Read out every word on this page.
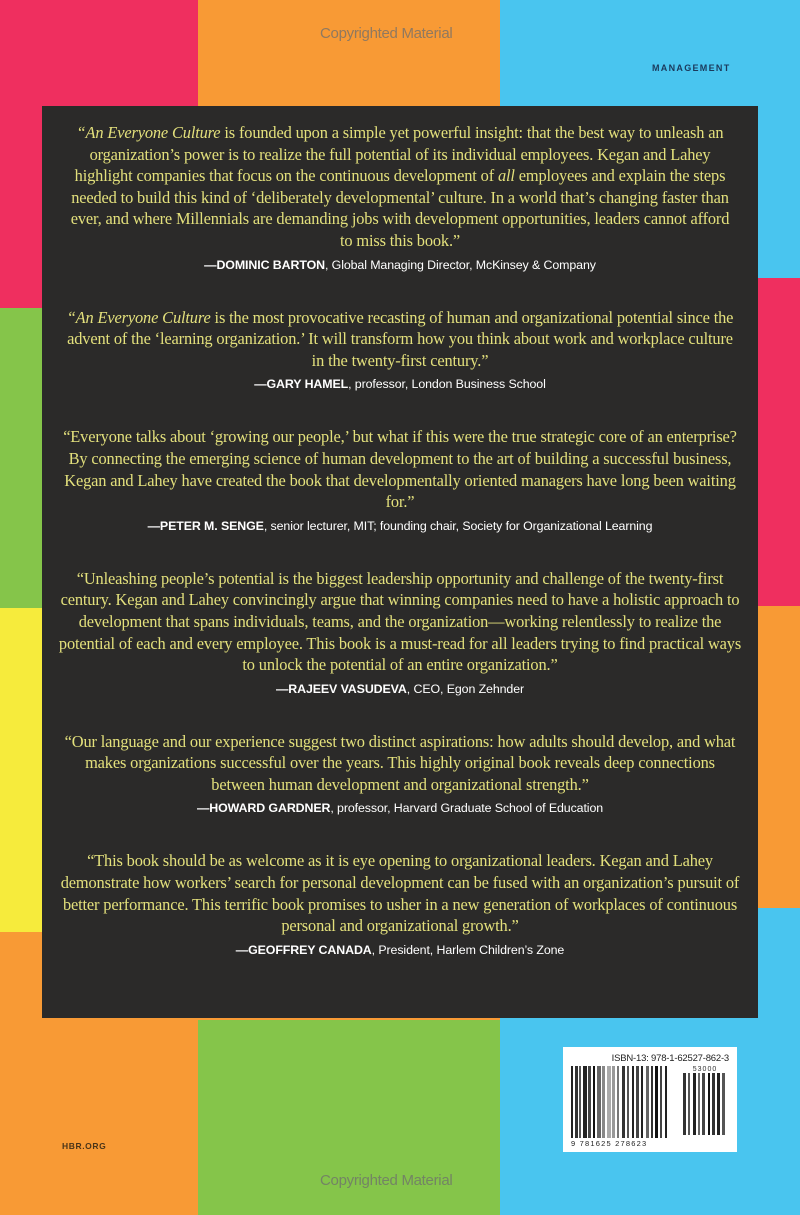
Copyrighted Material
MANAGEMENT

“An Everyone Culture is founded upon a simple yet powerful insight: that the best way to unleash an organization’s power is to realize the full potential of its individual employees. Kegan and Lahey highlight companies that focus on the continuous development of all employees and explain the steps needed to build this kind of ‘deliberately developmental’ culture. In a world that’s changing faster than ever, and where Millennials are demanding jobs with development opportunities, leaders cannot afford to miss this book.”

—DOMINIC BARTON, Global Managing Director, McKinsey & Company

“An Everyone Culture is the most provocative recasting of human and organizational potential since the advent of the ‘learning organization.’ It will transform how you think about work and workplace culture in the twenty-first century.”

—GARY HAMEL, professor, London Business School

“Everyone talks about ‘growing our people,’ but what if this were the true strategic core of an enterprise? By connecting the emerging science of human development to the art of building a successful business, Kegan and Lahey have created the book that developmentally oriented managers have long been waiting for.”

—PETER M. SENGE, senior lecturer, MIT; founding chair, Society for Organizational Learning

“Unleashing people’s potential is the biggest leadership opportunity and challenge of the twenty-first century. Kegan and Lahey convincingly argue that winning companies need to have a holistic approach to development that spans individuals, teams, and the organization—working relentlessly to realize the potential of each and every employee. This book is a must-read for all leaders trying to find practical ways to unlock the potential of an entire organization.”

—RAJEEV VASUDEVA, CEO, Egon Zehnder

“Our language and our experience suggest two distinct aspirations: how adults should develop, and what makes organizations successful over the years. This highly original book reveals deep connections between human development and organizational strength.”

—HOWARD GARDNER, professor, Harvard Graduate School of Education

“This book should be as welcome as it is eye opening to organizational leaders. Kegan and Lahey demonstrate how workers’ search for personal development can be fused with an organization’s pursuit of better performance. This terrific book promises to usher in a new generation of workplaces of continuous personal and organizational growth.”

—GEOFFREY CANADA, President, Harlem Children’s Zone
HBR.ORG
ISBN-13: 978-1-62527-862-3
53000
9 781625 278623
Copyrighted Material
